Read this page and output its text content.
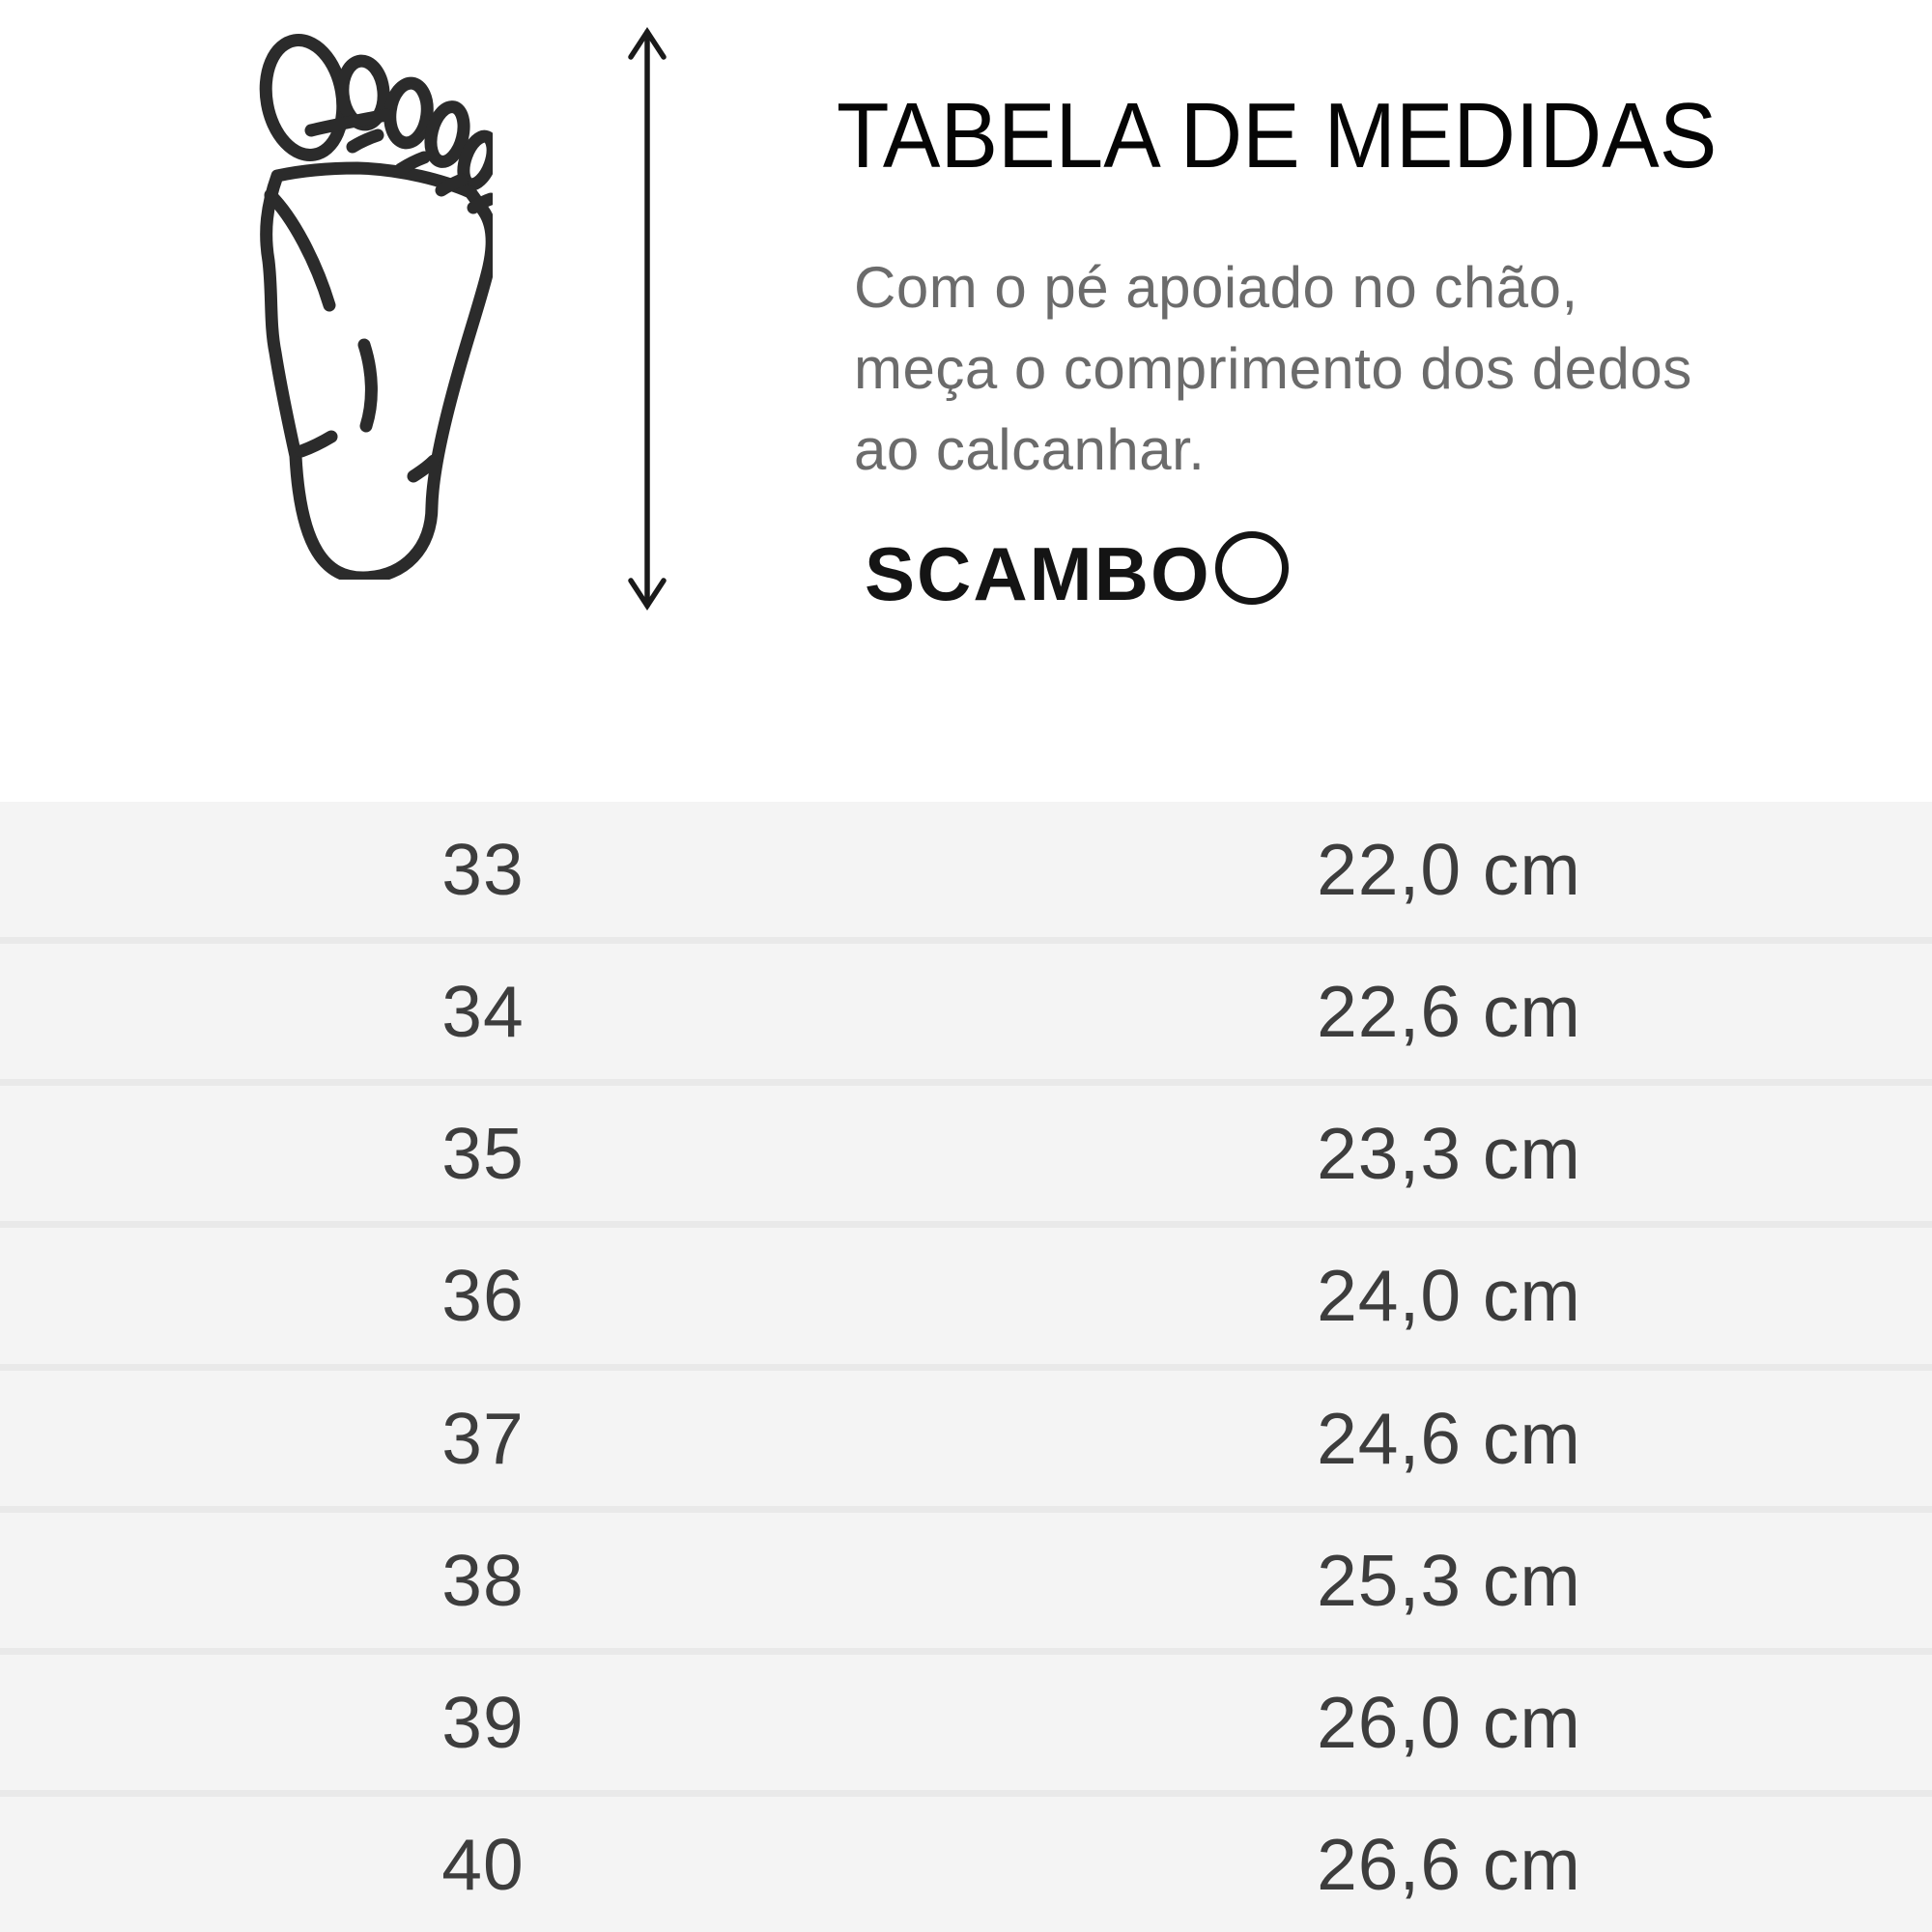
TABELA DE MEDIDAS
Com o pé apoiado no chão,
meça o comprimento dos dedos
ao calcanhar.
SCAMBO
33	22,0 cm
34	22,6 cm
35	23,3 cm
36	24,0 cm
37	24,6 cm
38	25,3 cm
39	26,0 cm
40	26,6 cm
